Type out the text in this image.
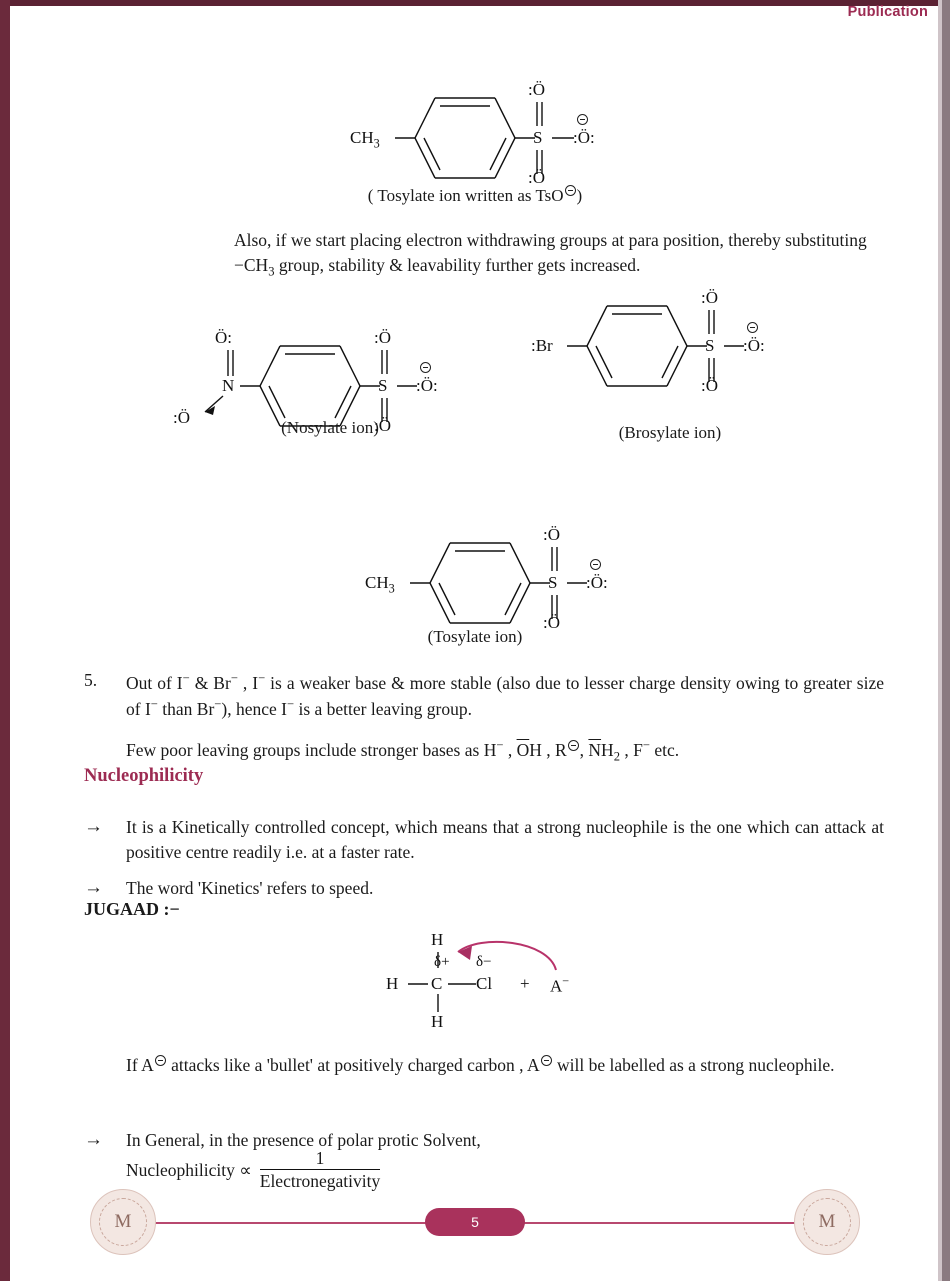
Publication
$CH_3$	S
:Ö
:Ö
:Ö:
( Tosylate ion written as TsO )
Also, if we start placing electron withdrawing groups at para position, thereby substituting
$-CH_3$ group, stability & leavability further gets increased.
N
Ö:
:Ö
S
:Ö
:Ö
:Ö:
(Nosylate ion)
:Br	S
:Ö
:Ö
:Ö:
(Brosylate ion)
$CH_3$	S
:Ö
:Ö
:Ö:
(Tosylate ion)
5.	Out of I− & Br− , I− is a weaker base & more stable (also due to lesser charge density owing to greater size of I− than Br−), hence I− is a better leaving group.
Few poor leaving groups include stronger bases as H− , $\overline{O}H$ , R , $\overline{N}H_2$ , F− etc.
Nucleophilicity
→	It is a Kinetically controlled concept, which means that a strong nucleophile is the one which can attack at positive centre readily i.e. at a faster rate.
→	The word 'Kinetics' refers to speed.
JUGAAD :−
H
H C Cl
H
δ+ δ−
+ A−
If A attacks like a 'bullet' at positively charged carbon , A will be labelled as a strong nucleophile.
→	In General, in the presence of polar protic Solvent,
Nucleophilicity ∝
1
Electronegativity
M	M
5
